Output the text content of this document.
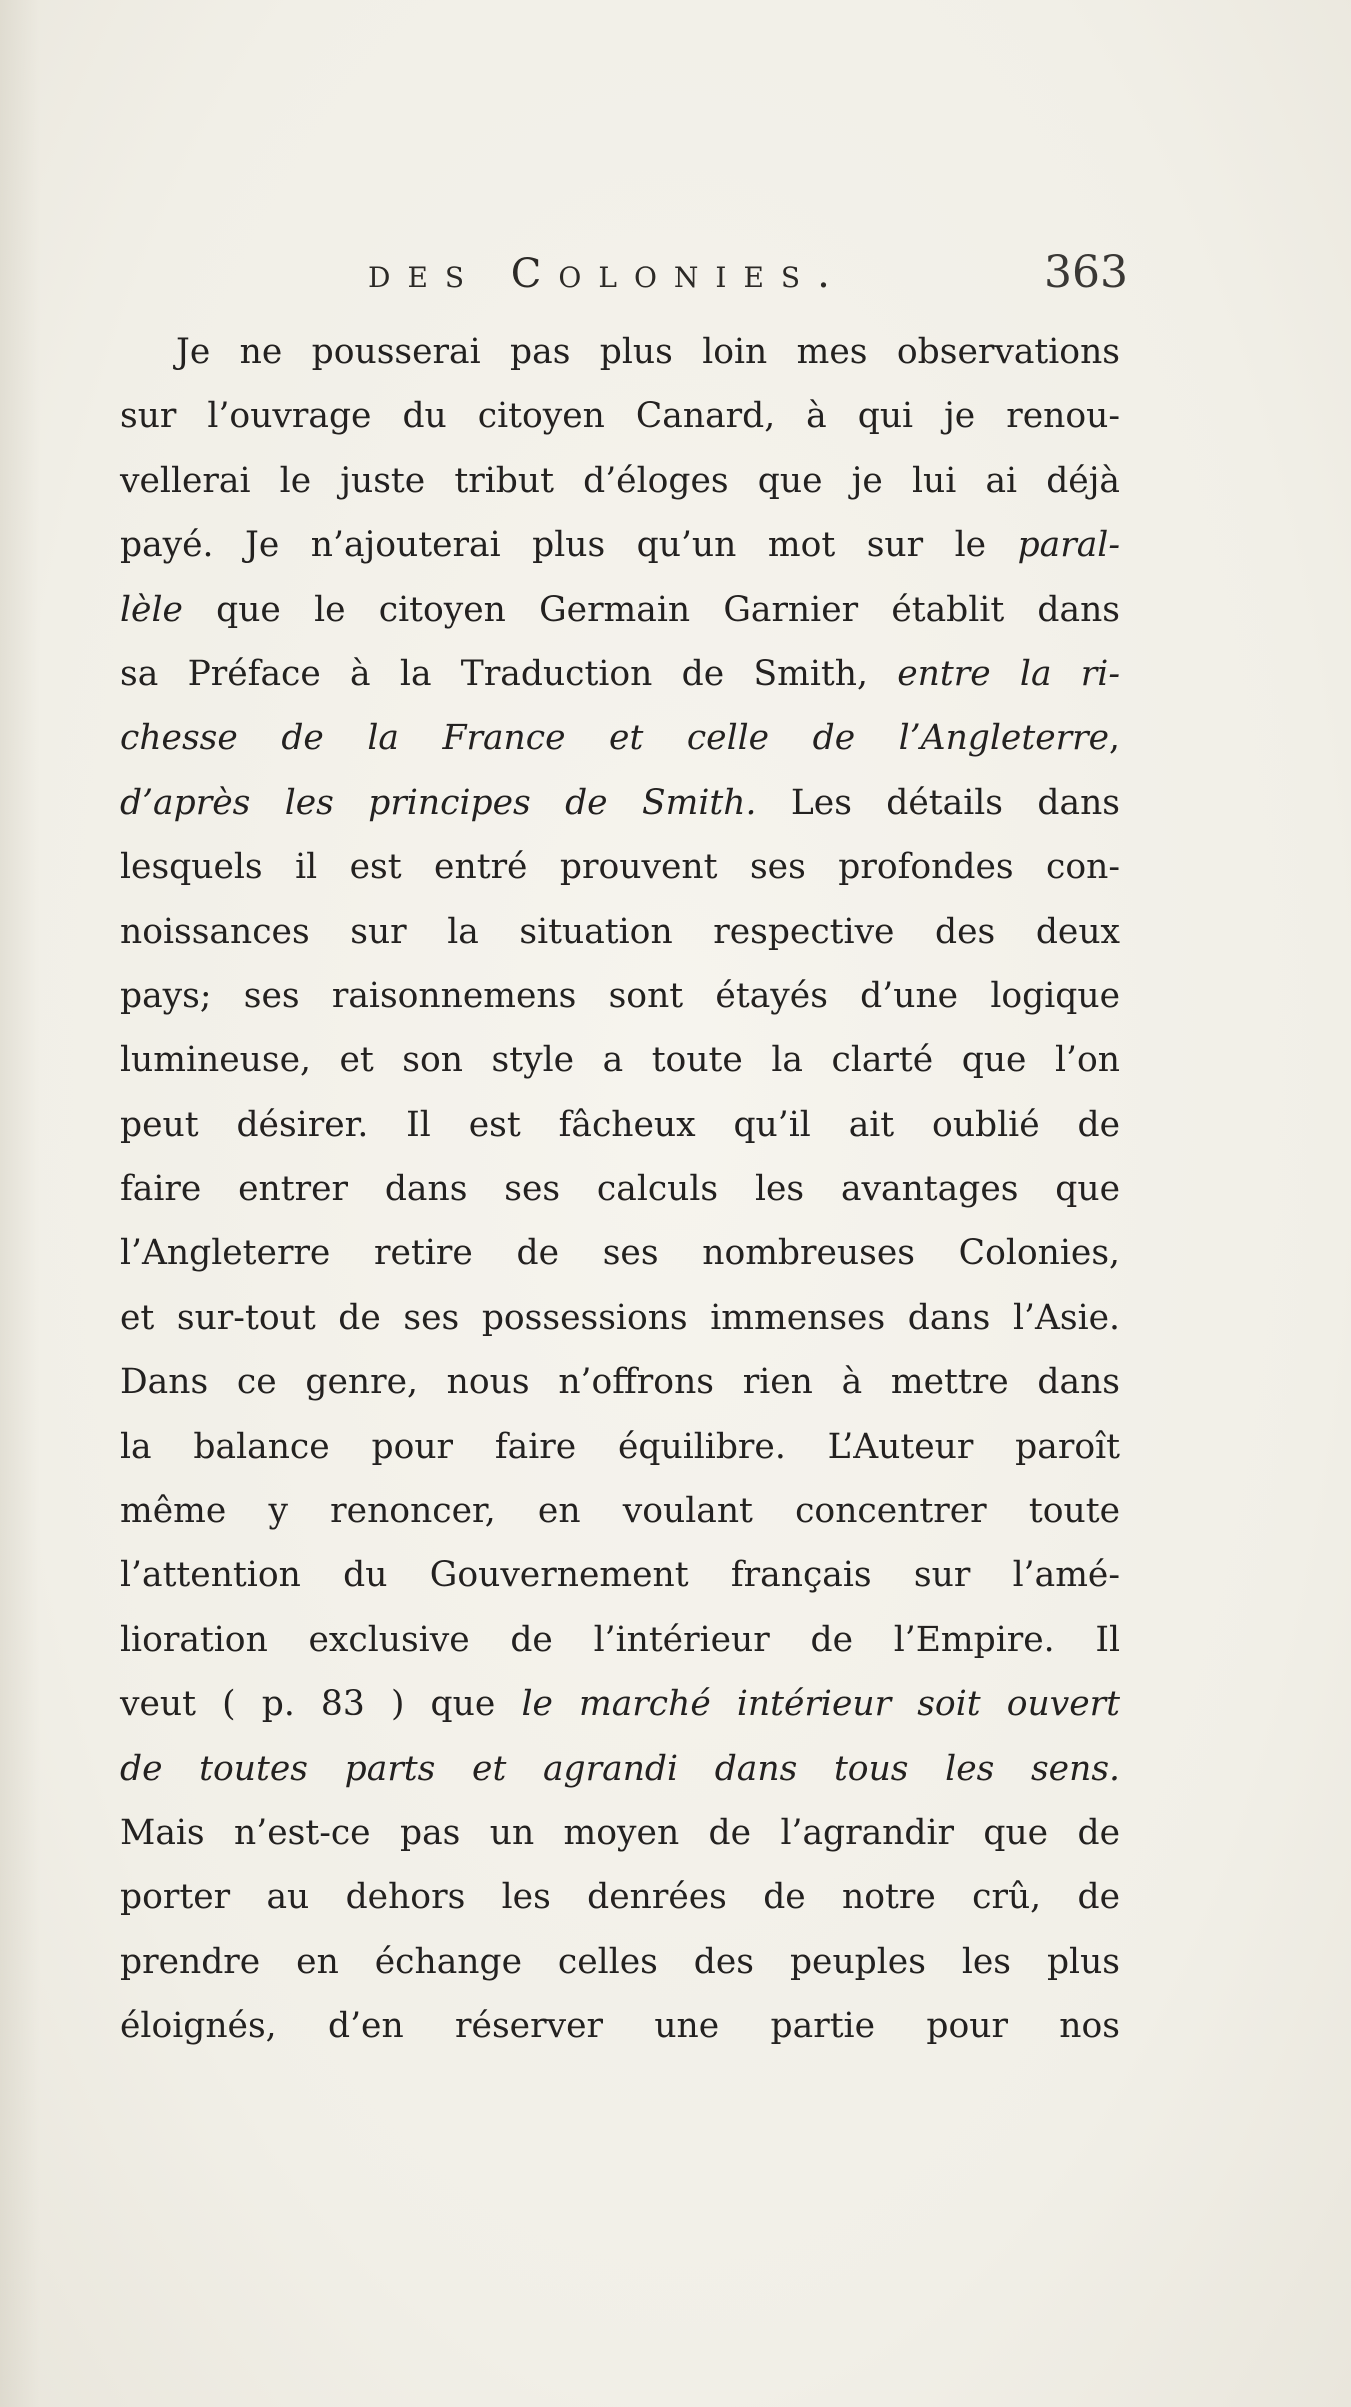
des Colonies.	363
Je ne pousserai pas plus loin mes observations
sur l’ouvrage du citoyen Canard, à qui je renou-
vellerai le juste tribut d’éloges que je lui ai déjà
payé. Je n’ajouterai plus qu’un mot sur le paral-
lèle que le citoyen Germain Garnier établit dans
sa Préface à la Traduction de Smith, entre la ri-
chesse de la France et celle de l’Angleterre,
d’après les principes de Smith. Les détails dans
lesquels il est entré prouvent ses profondes con-
noissances sur la situation respective des deux
pays; ses raisonnemens sont étayés d’une logique
lumineuse, et son style a toute la clarté que l’on
peut désirer. Il est fâcheux qu’il ait oublié de
faire entrer dans ses calculs les avantages que
l’Angleterre retire de ses nombreuses Colonies,
et sur-tout de ses possessions immenses dans l’Asie.
Dans ce genre, nous n’offrons rien à mettre dans
la balance pour faire équilibre. L’Auteur paroît
même y renoncer, en voulant concentrer toute
l’attention du Gouvernement français sur l’amé-
lioration exclusive de l’intérieur de l’Empire. Il
veut ( p. 83 ) que le marché intérieur soit ouvert
de toutes parts et agrandi dans tous les sens.
Mais n’est-ce pas un moyen de l’agrandir que de
porter au dehors les denrées de notre crû, de
prendre en échange celles des peuples les plus
éloignés, d’en réserver une partie pour nos
